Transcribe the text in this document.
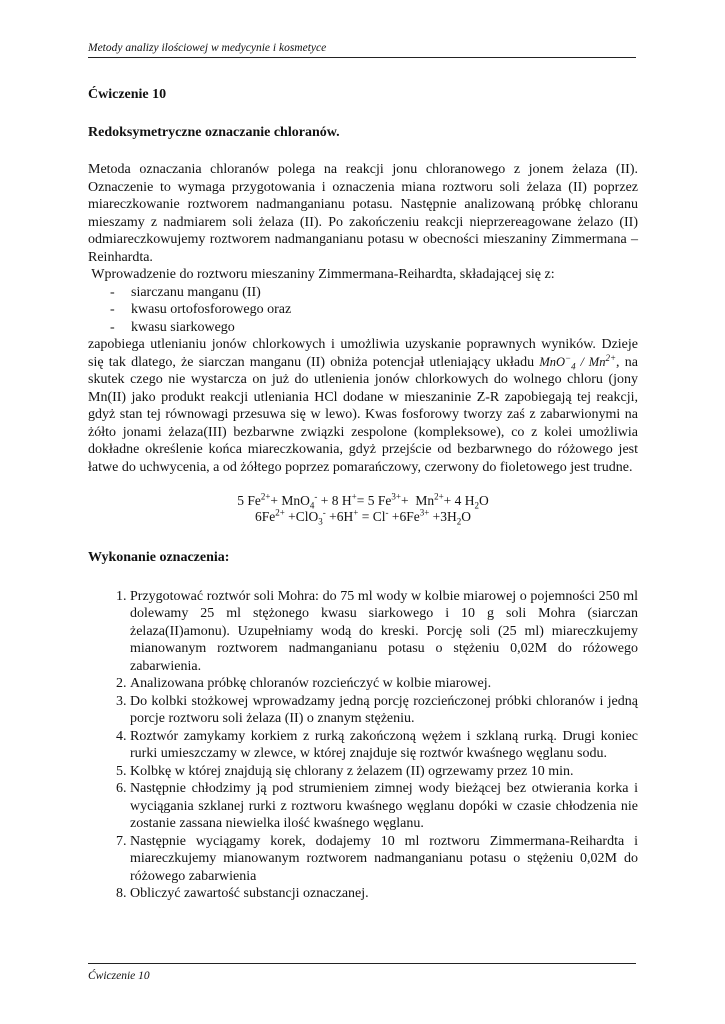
Metody analizy ilościowej w medycynie i kosmetyce

Ćwiczenie 10

Redoksymetryczne oznaczanie chloranów.

Metoda oznaczania chloranów polega na reakcji jonu chloranowego z jonem żelaza (II). Oznaczenie to wymaga przygotowania i oznaczenia miana roztworu soli żelaza (II) poprzez miareczkowanie roztworem nadmanganianu potasu. Następnie analizowaną próbkę chloranu mieszamy z nadmiarem soli żelaza (II). Po zakończeniu reakcji nieprzereagowane żelazo (II) odmiareczkowujemy roztworem nadmanganianu potasu w obecności mieszaniny Zimmermana –Reinhardta.

Wprowadzenie do roztworu mieszaniny Zimmermana-Reihardta, składającej się z:

- siarczanu manganu (II)
- kwasu ortofosforowego oraz
- kwasu siarkowego

zapobiega utlenianiu jonów chlorkowych i umożliwia uzyskanie poprawnych wyników. Dzieje się tak dlatego, że siarczan manganu (II) obniża potencjał utleniający układu $MnO^-_4 / Mn^{2+}$, na skutek czego nie wystarcza on już do utlenienia jonów chlorkowych do wolnego chloru (jony Mn(II) jako produkt reakcji utleniania HCl dodane w mieszaninie Z-R zapobiegają tej reakcji, gdyż stan tej równowagi przesuwa się w lewo). Kwas fosforowy tworzy zaś z zabarwionymi na żółto jonami żelaza(III) bezbarwne związki zespolone (kompleksowe), co z kolei umożliwia dokładne określenie końca miareczkowania, gdyż przejście od bezbarwnego do różowego jest łatwe do uchwycenia, a od żółtego poprzez pomarańczowy, czerwony do fioletowego jest trudne.

5 $Fe^{2+}+ MnO_4^- + 8$ H+= 5 $Fe^{3+}+ Mn^{2+}+ 4$ $H_2O$
$6Fe^{2+} +ClO_3^- +6H^+ = Cl^- +6Fe^{3+} +3H_2O$

Wykonanie oznaczenia:

1. Przygotować roztwór soli Mohra: do 75 ml wody w kolbie miarowej o pojemności 250 ml dolewamy 25 ml stężonego kwasu siarkowego i 10 g soli Mohra (siarczan żelaza(II)amonu). Uzupełniamy wodą do kreski. Porcję soli (25 ml) miareczkujemy mianowanym roztworem nadmanganianu potasu o stężeniu 0,02M do różowego zabarwienia.
2. Analizowana próbkę chloranów rozcieńczyć w kolbie miarowej.
3. Do kolbki stożkowej wprowadzamy jedną porcję rozcieńczonej próbki chloranów i jedną porcje roztworu soli żelaza (II) o znanym stężeniu.
4. Roztwór zamykamy korkiem z rurką zakończoną wężem i szklaną rurką. Drugi koniec rurki umieszczamy w zlewce, w której znajduje się roztwór kwaśnego węglanu sodu.
5. Kolbkę w której znajdują się chlorany z żelazem (II) ogrzewamy przez 10 min.
6. Następnie chłodzimy ją pod strumieniem zimnej wody bieżącej bez otwierania korka i wyciągania szklanej rurki z roztworu kwaśnego węglanu dopóki w czasie chłodzenia nie zostanie zassana niewielka ilość kwaśnego węglanu.
7. Następnie wyciągamy korek, dodajemy 10 ml roztworu Zimmermana-Reihardta i miareczkujemy mianowanym roztworem nadmanganianu potasu o stężeniu 0,02M do różowego zabarwienia
8. Obliczyć zawartość substancji oznaczanej.
Ćwiczenie 10
